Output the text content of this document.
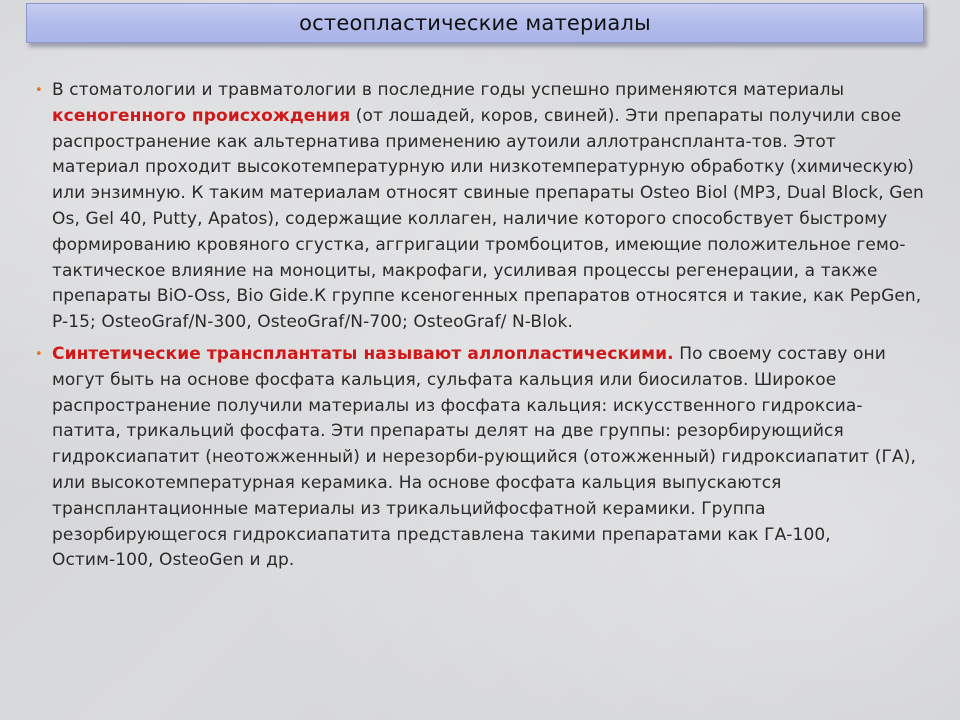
остеопластические материалы

• В стоматологии и травматологии в последние годы успешно применяются материалы ксеногенного происхождения (от лошадей, коров, свиней). Эти препараты получили свое распространение как альтернатива применению аутоили аллотранспланта-тов. Этот материал проходит высокотемпературную или низкотемпературную обработку (химическую) или энзимную. К таким материалам относят свиные препараты Osteo Biol (MP3, Dual Block, Gen Os, Gel 40, Putty, Apatos), содержащие коллаген, наличие которого способствует быстрому формированию кровяного сгустка, аггригации тромбоцитов, имеющие положительное гемо-тактическое влияние на моноциты, макрофаги, усиливая процессы регенерации, а также препараты BiO-Oss, Bio Gide.К группе ксеногенных препаратов относятся и такие, как PepGen, P-15; OsteoGraf/N-300, OsteoGraf/N-700; OsteoGraf/ N-Blok.

• Синтетические трансплантаты называют аллопластическими. По своему составу они могут быть на основе фосфата кальция, сульфата кальция или биосилатов. Широкое распространение получили материалы из фосфата кальция: искусственного гидроксиа-патита, трикальций фосфата. Эти препараты делят на две группы: резорбирующийся гидроксиапатит (неотожженный) и нерезорби-рующийся (отожженный) гидроксиапатит (ГА), или высокотемпературная керамика. На основе фосфата кальция выпускаются трансплантационные материалы из трикальцийфосфатной керамики. Группа резорбирующегося гидроксиапатита представлена такими препаратами как ГА-100, Остим-100, OsteoGen и др.
